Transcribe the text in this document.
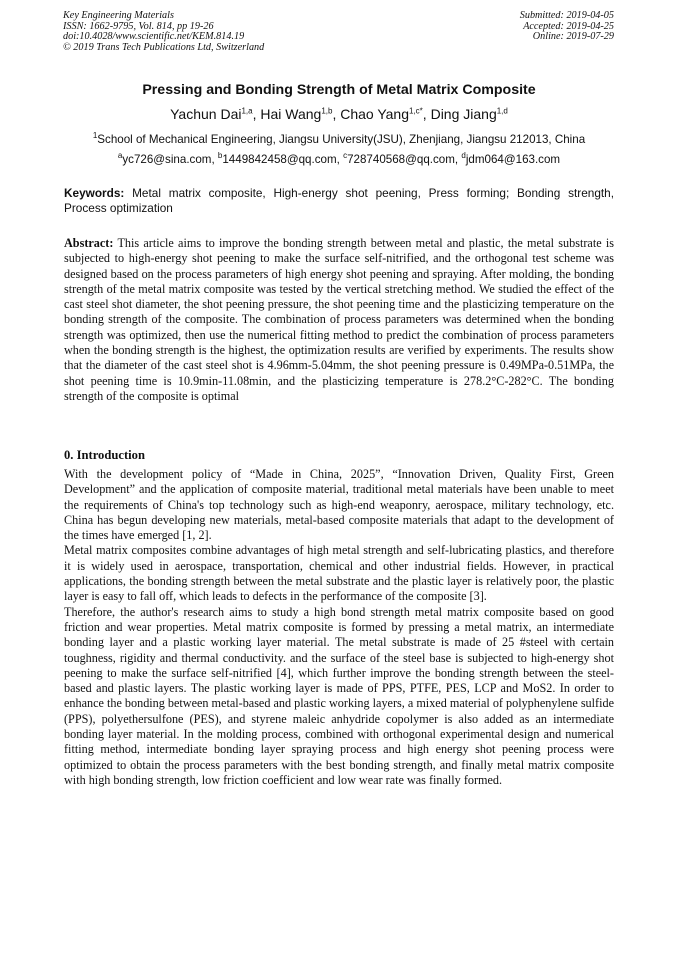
Key Engineering Materials
ISSN: 1662-9795, Vol. 814, pp 19-26
doi:10.4028/www.scientific.net/KEM.814.19
© 2019 Trans Tech Publications Ltd, Switzerland
Submitted: 2019-04-05
Accepted: 2019-04-25
Online: 2019-07-29
Pressing and Bonding Strength of Metal Matrix Composite
Yachun Dai$^{1,a}$, Hai Wang$^{1,b}$, Chao Yang$^{1,c*}$, Ding Jiang$^{1,d}$
$^1$School of Mechanical Engineering, Jiangsu University(JSU), Zhenjiang, Jiangsu 212013, China
$^a$yc726@sina.com, $^b$1449842458@qq.com, $^c$728740568@qq.com, $^d$jdm064@163.com
Keywords: Metal matrix composite, High-energy shot peening, Press forming; Bonding strength, Process optimization
Abstract: This article aims to improve the bonding strength between metal and plastic, the metal substrate is subjected to high-energy shot peening to make the surface self-nitrified, and the orthogonal test scheme was designed based on the process parameters of high energy shot peening and spraying. After molding, the bonding strength of the metal matrix composite was tested by the vertical stretching method. We studied the effect of the cast steel shot diameter, the shot peening pressure, the shot peening time and the plasticizing temperature on the bonding strength of the composite. The combination of process parameters was determined when the bonding strength was optimized, then use the numerical fitting method to predict the combination of process parameters when the bonding strength is the highest, the optimization results are verified by experiments. The results show that the diameter of the cast steel shot is 4.96mm-5.04mm, the shot peening pressure is 0.49MPa-0.51MPa, the shot peening time is 10.9min-11.08min, and the plasticizing temperature is 278.2°C-282°C. The bonding strength of the composite is optimal
0. Introduction

With the development policy of “Made in China, 2025”, “Innovation Driven, Quality First, Green Development” and the application of composite material, traditional metal materials have been unable to meet the requirements of China's top technology such as high-end weaponry, aerospace, military technology, etc. China has begun developing new materials, metal-based composite materials that adapt to the development of the times have emerged [1, 2].

Metal matrix composites combine advantages of high metal strength and self-lubricating plastics, and therefore it is widely used in aerospace, transportation, chemical and other industrial fields. However, in practical applications, the bonding strength between the metal substrate and the plastic layer is relatively poor, the plastic layer is easy to fall off, which leads to defects in the performance of the composite [3].

Therefore, the author's research aims to study a high bond strength metal matrix composite based on good friction and wear properties. Metal matrix composite is formed by pressing a metal matrix, an intermediate bonding layer and a plastic working layer material. The metal substrate is made of 25 #steel with certain toughness, rigidity and thermal conductivity. and the surface of the steel base is subjected to high-energy shot peening to make the surface self-nitrified [4], which further improve the bonding strength between the steel-based and plastic layers. The plastic working layer is made of PPS, PTFE, PES, LCP and MoS2. In order to enhance the bonding between metal-based and plastic working layers, a mixed material of polyphenylene sulfide (PPS), polyethersulfone (PES), and styrene maleic anhydride copolymer is also added as an intermediate bonding layer material. In the molding process, combined with orthogonal experimental design and numerical fitting method, intermediate bonding layer spraying process and high energy shot peening process were optimized to obtain the process parameters with the best bonding strength, and finally metal matrix composite with high bonding strength, low friction coefficient and low wear rate was finally formed.
